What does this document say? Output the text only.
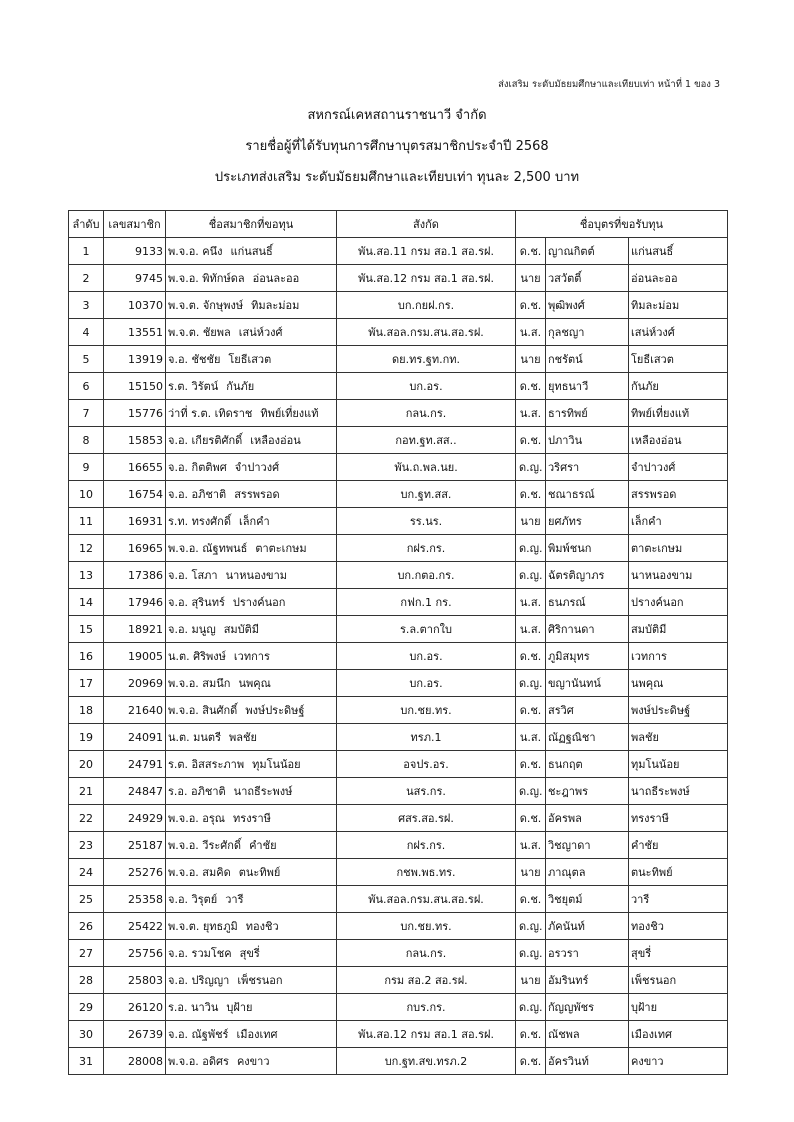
ส่งเสริม ระดับมัธยมศึกษาและเทียบเท่า หน้าที่ 1 ของ 3
สหกรณ์เคหสถานราชนาวี จำกัด
รายชื่อผู้ที่ได้รับทุนการศึกษาบุตรสมาชิกประจำปี 2568
ประเภทส่งเสริม ระดับมัธยมศึกษาและเทียบเท่า ทุนละ 2,500 บาท
ลำดับ	เลขสมาชิก	ชื่อสมาชิกที่ขอทุน	สังกัด	ชื่อบุตรที่ขอรับทุน		
1	9133	พ.จ.อ. คนึง แก่นสนธิ์	พัน.สอ.11 กรม สอ.1 สอ.รฝ.	ด.ช.	ญาณกิตต์	แก่นสนธิ์
2	9745	พ.จ.อ. พิทักษ์ดล อ่อนละออ	พัน.สอ.12 กรม สอ.1 สอ.รฝ.	นาย	วสวัตติ์	อ่อนละออ
3	10370	พ.จ.ต. จักษุพงษ์ ทิมละม่อม	บก.กยฝ.กร.	ด.ช.	พุฒิพงศ์	ทิมละม่อม
4	13551	พ.จ.ต. ชัยพล เสน่ห์วงศ์	พัน.สอล.กรม.สน.สอ.รฝ.	น.ส.	กุลชญา	เสน่ห์วงศ์
5	13919	จ.อ. ชัชชัย โยธีเสวต	ดย.ทร.ฐท.กท.	นาย	กชรัตน์	โยธีเสวต
6	15150	ร.ต. วิรัตน์ กันภัย	บก.อร.	ด.ช.	ยุทธนาวี	กันภัย
7	15776	ว่าที่ ร.ต. เทิดราช ทิพย์เที่ยงแท้	กลน.กร.	น.ส.	ธารทิพย์	ทิพย์เที่ยงแท้
8	15853	จ.อ. เกียรติศักดิ์ เหลืองอ่อน	กอท.ฐท.สส..	ด.ช.	ปภาวิน	เหลืองอ่อน
9	16655	จ.อ. กิตติพศ จำปาวงศ์	พัน.ถ.พล.นย.	ด.ญ.	วริศรา	จำปาวงศ์
10	16754	จ.อ. อภิชาติ สรรพรอด	บก.ฐท.สส.	ด.ช.	ชณาธรณ์	สรรพรอด
11	16931	ร.ท. ทรงศักดิ์ เล็กคำ	รร.นร.	นาย	ยศภัทร	เล็กคำ
12	16965	พ.จ.อ. ณัฐทพนธ์ ตาตะเกษม	กฝร.กร.	ด.ญ.	พิมพ์ชนก	ตาตะเกษม
13	17386	จ.อ. โสภา นาหนองขาม	บก.กตอ.กร.	ด.ญ.	ฉัตรติญาภร	นาหนองขาม
14	17946	จ.อ. สุรินทร์ ปรางค์นอก	กฟก.1 กร.	น.ส.	ธนภรณ์	ปรางค์นอก
15	18921	จ.อ. มนูญ สมบัติมี	ร.ล.ตากใบ	น.ส.	ศิริกานดา	สมบัติมี
16	19005	น.ต. ศิริพงษ์ เวทการ	บก.อร.	ด.ช.	ภูมิสมุทร	เวทการ
17	20969	พ.จ.อ. สมนึก นพคุณ	บก.อร.	ด.ญ.	ขญานันทน์	นพคุณ
18	21640	พ.จ.อ. สินศักดิ์ พงษ์ประดิษฐ์	บก.ชย.ทร.	ด.ช.	สรวิศ	พงษ์ประดิษฐ์
19	24091	น.ต. มนตรี พลชัย	ทรภ.1	น.ส.	ณัฏฐณิชา	พลชัย
20	24791	ร.ต. อิสสระภาพ ทุมโนน้อย	อจปร.อร.	ด.ช.	ธนกฤต	ทุมโนน้อย
21	24847	ร.อ. อภิชาติ นาถธีระพงษ์	นสร.กร.	ด.ญ.	ชะฎาพร	นาถธีระพงษ์
22	24929	พ.จ.อ. อรุณ ทรงราษี	ศสร.สอ.รฝ.	ด.ช.	อัครพล	ทรงราษี
23	25187	พ.จ.อ. วีระศักดิ์ คำชัย	กฝร.กร.	น.ส.	วิชญาดา	คำชัย
24	25276	พ.จ.อ. สมคิด ตนะทิพย์	กชพ.พธ.ทร.	นาย	ภาณุตล	ตนะทิพย์
25	25358	จ.อ. วิรุตย์ วารี	พัน.สอล.กรม.สน.สอ.รฝ.	ด.ช.	วิชยุตม์	วารี
26	25422	พ.จ.ต. ยุทธภูมิ ทองชิว	บก.ชย.ทร.	ด.ญ.	ภัคนันท์	ทองชิว
27	25756	จ.อ. รวมโชค สุขรี่	กลน.กร.	ด.ญ.	อรวรา	สุขรี่
28	25803	จ.อ. ปริญญา เพ็ชรนอก	กรม สอ.2 สอ.รฝ.	นาย	อัมรินทร์	เพ็ชรนอก
29	26120	ร.อ. นาวิน บุฝ้าย	กบร.กร.	ด.ญ.	กัญญพัชร	บุฝ้าย
30	26739	จ.อ. ณัฐพัชร์ เมืองเทศ	พัน.สอ.12 กรม สอ.1 สอ.รฝ.	ด.ช.	ณัชพล	เมืองเทศ
31	28008	พ.จ.อ. อดิศร คงขาว	บก.ฐท.สข.ทรภ.2	ด.ช.	อัครวินท์	คงขาว
